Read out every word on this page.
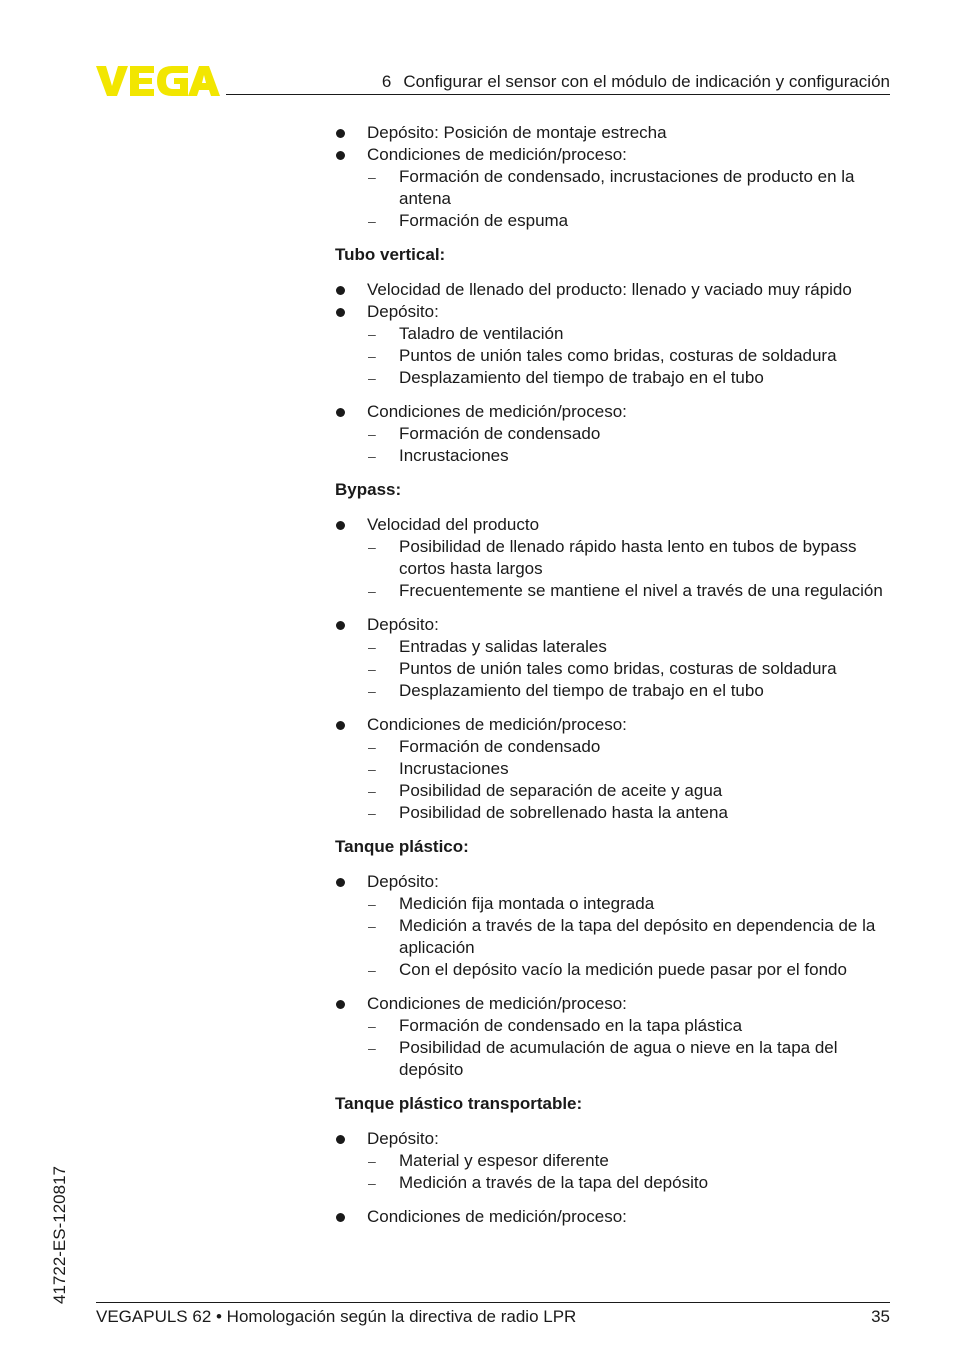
6 Configurar el sensor con el módulo de indicación y configuración
Depósito: Posición de montaje estrecha
Condiciones de medición/proceso:
– Formación de condensado, incrustaciones de producto en la antena
– Formación de espuma
Tubo vertical:
Velocidad de llenado del producto: llenado y vaciado muy rápido
Depósito:
– Taladro de ventilación
– Puntos de unión tales como bridas, costuras de soldadura
– Desplazamiento del tiempo de trabajo en el tubo
Condiciones de medición/proceso:
– Formación de condensado
– Incrustaciones
Bypass:
Velocidad del producto
– Posibilidad de llenado rápido hasta lento en tubos de bypass cortos hasta largos
– Frecuentemente se mantiene el nivel a través de una regulación
Depósito:
– Entradas y salidas laterales
– Puntos de unión tales como bridas, costuras de soldadura
– Desplazamiento del tiempo de trabajo en el tubo
Condiciones de medición/proceso:
– Formación de condensado
– Incrustaciones
– Posibilidad de separación de aceite y agua
– Posibilidad de sobrellenado hasta la antena
Tanque plástico:
Depósito:
– Medición fija montada o integrada
– Medición a través de la tapa del depósito en dependencia de la aplicación
– Con el depósito vacío la medición puede pasar por el fondo
Condiciones de medición/proceso:
– Formación de condensado en la tapa plástica
– Posibilidad de acumulación de agua o nieve en la tapa del depósito
Tanque plástico transportable:
Depósito:
– Material y espesor diferente
– Medición a través de la tapa del depósito
Condiciones de medición/proceso:
41722-ES-120817
VEGAPULS 62 • Homologación según la directiva de radio LPR	35
